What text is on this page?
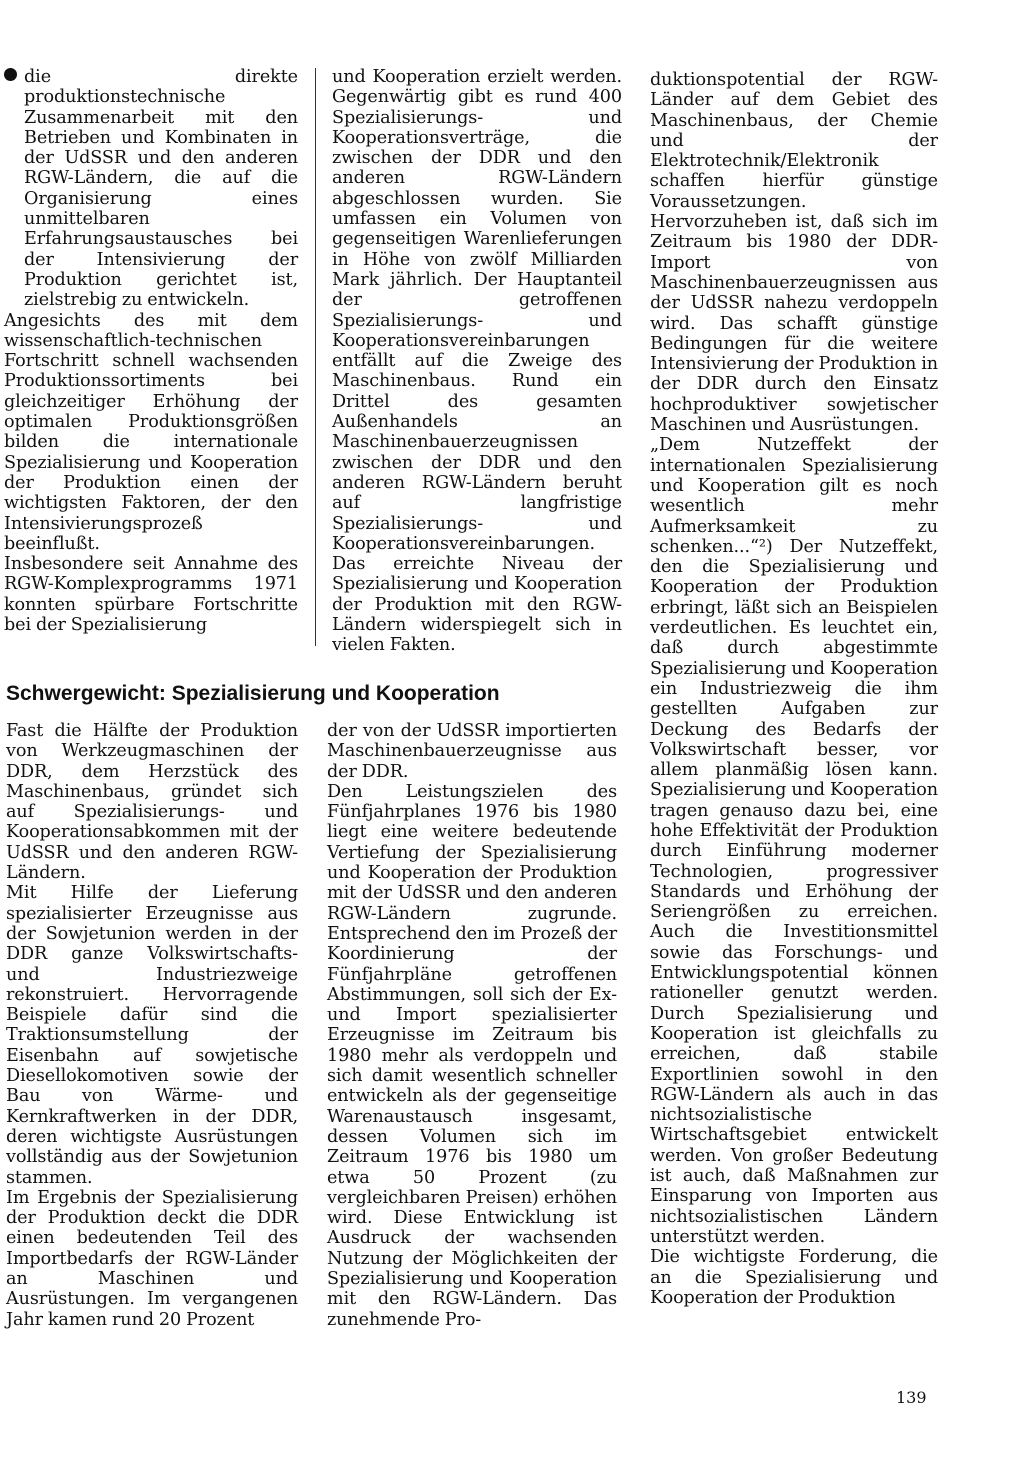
die direkte produktionstechnische Zusammenarbeit mit den Betrieben und Kombinaten in der UdSSR und den anderen RGW-Ländern, die auf die Organisierung eines unmittelbaren Erfahrungsaustausches bei der Intensivierung der Produktion gerichtet ist, zielstrebig zu entwickeln.

Angesichts des mit dem wissenschaftlich-technischen Fortschritt schnell wachsenden Produktionssortiments bei gleichzeitiger Erhöhung der optimalen Produktionsgrößen bilden die internationale Spezialisierung und Kooperation der Produktion einen der wichtigsten Faktoren, der den Intensivierungsprozeß beeinflußt.

Insbesondere seit Annahme des RGW-Komplexprogramms 1971 konnten spürbare Fortschritte bei der Spezialisierung

und Kooperation erzielt werden. Gegenwärtig gibt es rund 400 Spezialisierungs- und Kooperationsverträge, die zwischen der DDR und den anderen RGW-Ländern abgeschlossen wurden. Sie umfassen ein Volumen von gegenseitigen Warenlieferungen in Höhe von zwölf Milliarden Mark jährlich. Der Hauptanteil der getroffenen Spezialisierungs- und Kooperationsvereinbarungen entfällt auf die Zweige des Maschinenbaus. Rund ein Drittel des gesamten Außenhandels an Maschinenbauerzeugnissen zwischen der DDR und den anderen RGW-Ländern beruht auf langfristige Spezialisierungs- und Kooperationsvereinbarungen. Das erreichte Niveau der Spezialisierung und Kooperation der Produktion mit den RGW-Ländern widerspiegelt sich in vielen Fakten.

Schwergewicht: Spezialisierung und Kooperation

Fast die Hälfte der Produktion von Werkzeugmaschinen der DDR, dem Herzstück des Maschinenbaus, gründet sich auf Spezialisierungs- und Kooperationsabkommen mit der UdSSR und den anderen RGW-Ländern.

Mit Hilfe der Lieferung spezialisierter Erzeugnisse aus der Sowjetunion werden in der DDR ganze Volkswirtschafts- und Industriezweige rekonstruiert. Hervorragende Beispiele dafür sind die Traktionsumstellung der Eisenbahn auf sowjetische Diesellokomotiven sowie der Bau von Wärme- und Kernkraftwerken in der DDR, deren wichtigste Ausrüstungen vollständig aus der Sowjetunion stammen.

Im Ergebnis der Spezialisierung der Produktion deckt die DDR einen bedeutenden Teil des Importbedarfs der RGW-Länder an Maschinen und Ausrüstungen. Im vergangenen Jahr kamen rund 20 Prozent

der von der UdSSR importierten Maschinenbauerzeugnisse aus der DDR.

Den Leistungszielen des Fünfjahrplanes 1976 bis 1980 liegt eine weitere bedeutende Vertiefung der Spezialisierung und Kooperation der Produktion mit der UdSSR und den anderen RGW-Ländern zugrunde. Entsprechend den im Prozeß der Koordinierung der Fünfjahrpläne getroffenen Abstimmungen, soll sich der Ex- und Import spezialisierter Erzeugnisse im Zeitraum bis 1980 mehr als verdoppeln und sich damit wesentlich schneller entwickeln als der gegenseitige Warenaustausch insgesamt, dessen Volumen sich im Zeitraum 1976 bis 1980 um etwa 50 Prozent (zu vergleichbaren Preisen) erhöhen wird. Diese Entwicklung ist Ausdruck der wachsenden Nutzung der Möglichkeiten der Spezialisierung und Kooperation mit den RGW-Ländern. Das zunehmende Pro-

duktionspotential der RGW-Länder auf dem Gebiet des Maschinenbaus, der Chemie und der Elektrotechnik/Elektronik schaffen hierfür günstige Voraussetzungen.

Hervorzuheben ist, daß sich im Zeitraum bis 1980 der DDR-Import von Maschinenbauerzeugnissen aus der UdSSR nahezu verdoppeln wird. Das schafft günstige Bedingungen für die weitere Intensivierung der Produktion in der DDR durch den Einsatz hochproduktiver sowjetischer Maschinen und Ausrüstungen.

„Dem Nutzeffekt der internationalen Spezialisierung und Kooperation gilt es noch wesentlich mehr Aufmerksamkeit zu schenken...“²) Der Nutzeffekt, den die Spezialisierung und Kooperation der Produktion erbringt, läßt sich an Beispielen verdeutlichen. Es leuchtet ein, daß durch abgestimmte Spezialisierung und Kooperation ein Industriezweig die ihm gestellten Aufgaben zur Deckung des Bedarfs der Volkswirtschaft besser, vor allem planmäßig lösen kann. Spezialisierung und Kooperation tragen genauso dazu bei, eine hohe Effektivität der Produktion durch Einführung moderner Technologien, progressiver Standards und Erhöhung der Seriengrößen zu erreichen. Auch die Investitionsmittel sowie das Forschungs- und Entwicklungspotential können rationeller genutzt werden. Durch Spezialisierung und Kooperation ist gleichfalls zu erreichen, daß stabile Exportlinien sowohl in den RGW-Ländern als auch in das nichtsozialistische Wirtschaftsgebiet entwickelt werden. Von großer Bedeutung ist auch, daß Maßnahmen zur Einsparung von Importen aus nichtsozialistischen Ländern unterstützt werden.

Die wichtigste Forderung, die an die Spezialisierung und Kooperation der Produktion

139
